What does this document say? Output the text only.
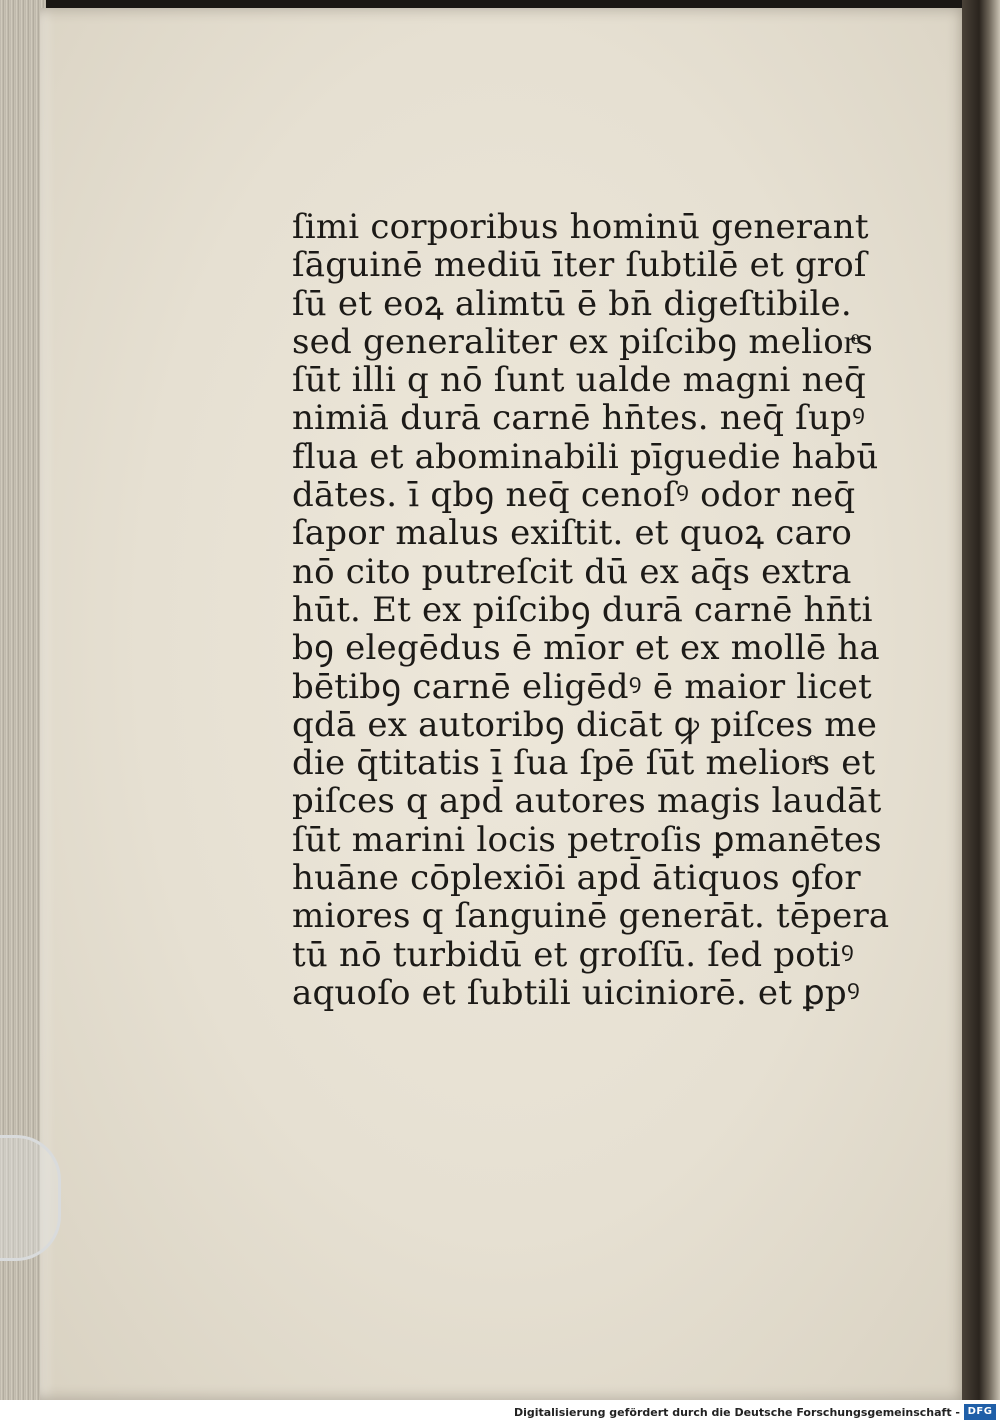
ſimi corporibus hominū generant
ſāguinē mediū īter ſubtilē et groſ
ſū et eoꝝ alimtū ē bn̄ digeſtibile.
sed generaliter ex piſcibꝯ meliorͤs
ſūt illi q nō ſunt ualde magni neq̄
nimiā durā carnē hn̄tes. neq̄ ſupꝰ
flua et abominabili pīguedie habū
dātes. ī qbꝯ neq̄ cenoſꝰ odor neq̄
ſapor malus exiſtit. et quoꝝ caro
nō cito putreſcit dū ex aq̄s extra
hūt. Et ex piſcibꝯ durā carnē hn̄ti
bꝯ elegēdus ē mīor et ex mollē ha
bētibꝯ carnē eligēdꝰ ē maior licet
qdā ex autoribꝯ dicāt ꝙ piſces me
die q̄titatis ī ſua ſpē ſūt meliorͤs et
piſces q apd̄ autores magis laudāt
ſūt marini locis petroſis ꝑmanētes
huāne cōplexiōi apd̄ ātiquos ꝯfor
miores q ſanguinē generāt. tēpera
tū nō turbidū et groſſū. ſed potiꝰ
aquoſo et ſubtili uiciniorē. et ꝑpꝰ
Digitalisierung gefördert durch die Deutsche Forschungsgemeinschaft - DFG
